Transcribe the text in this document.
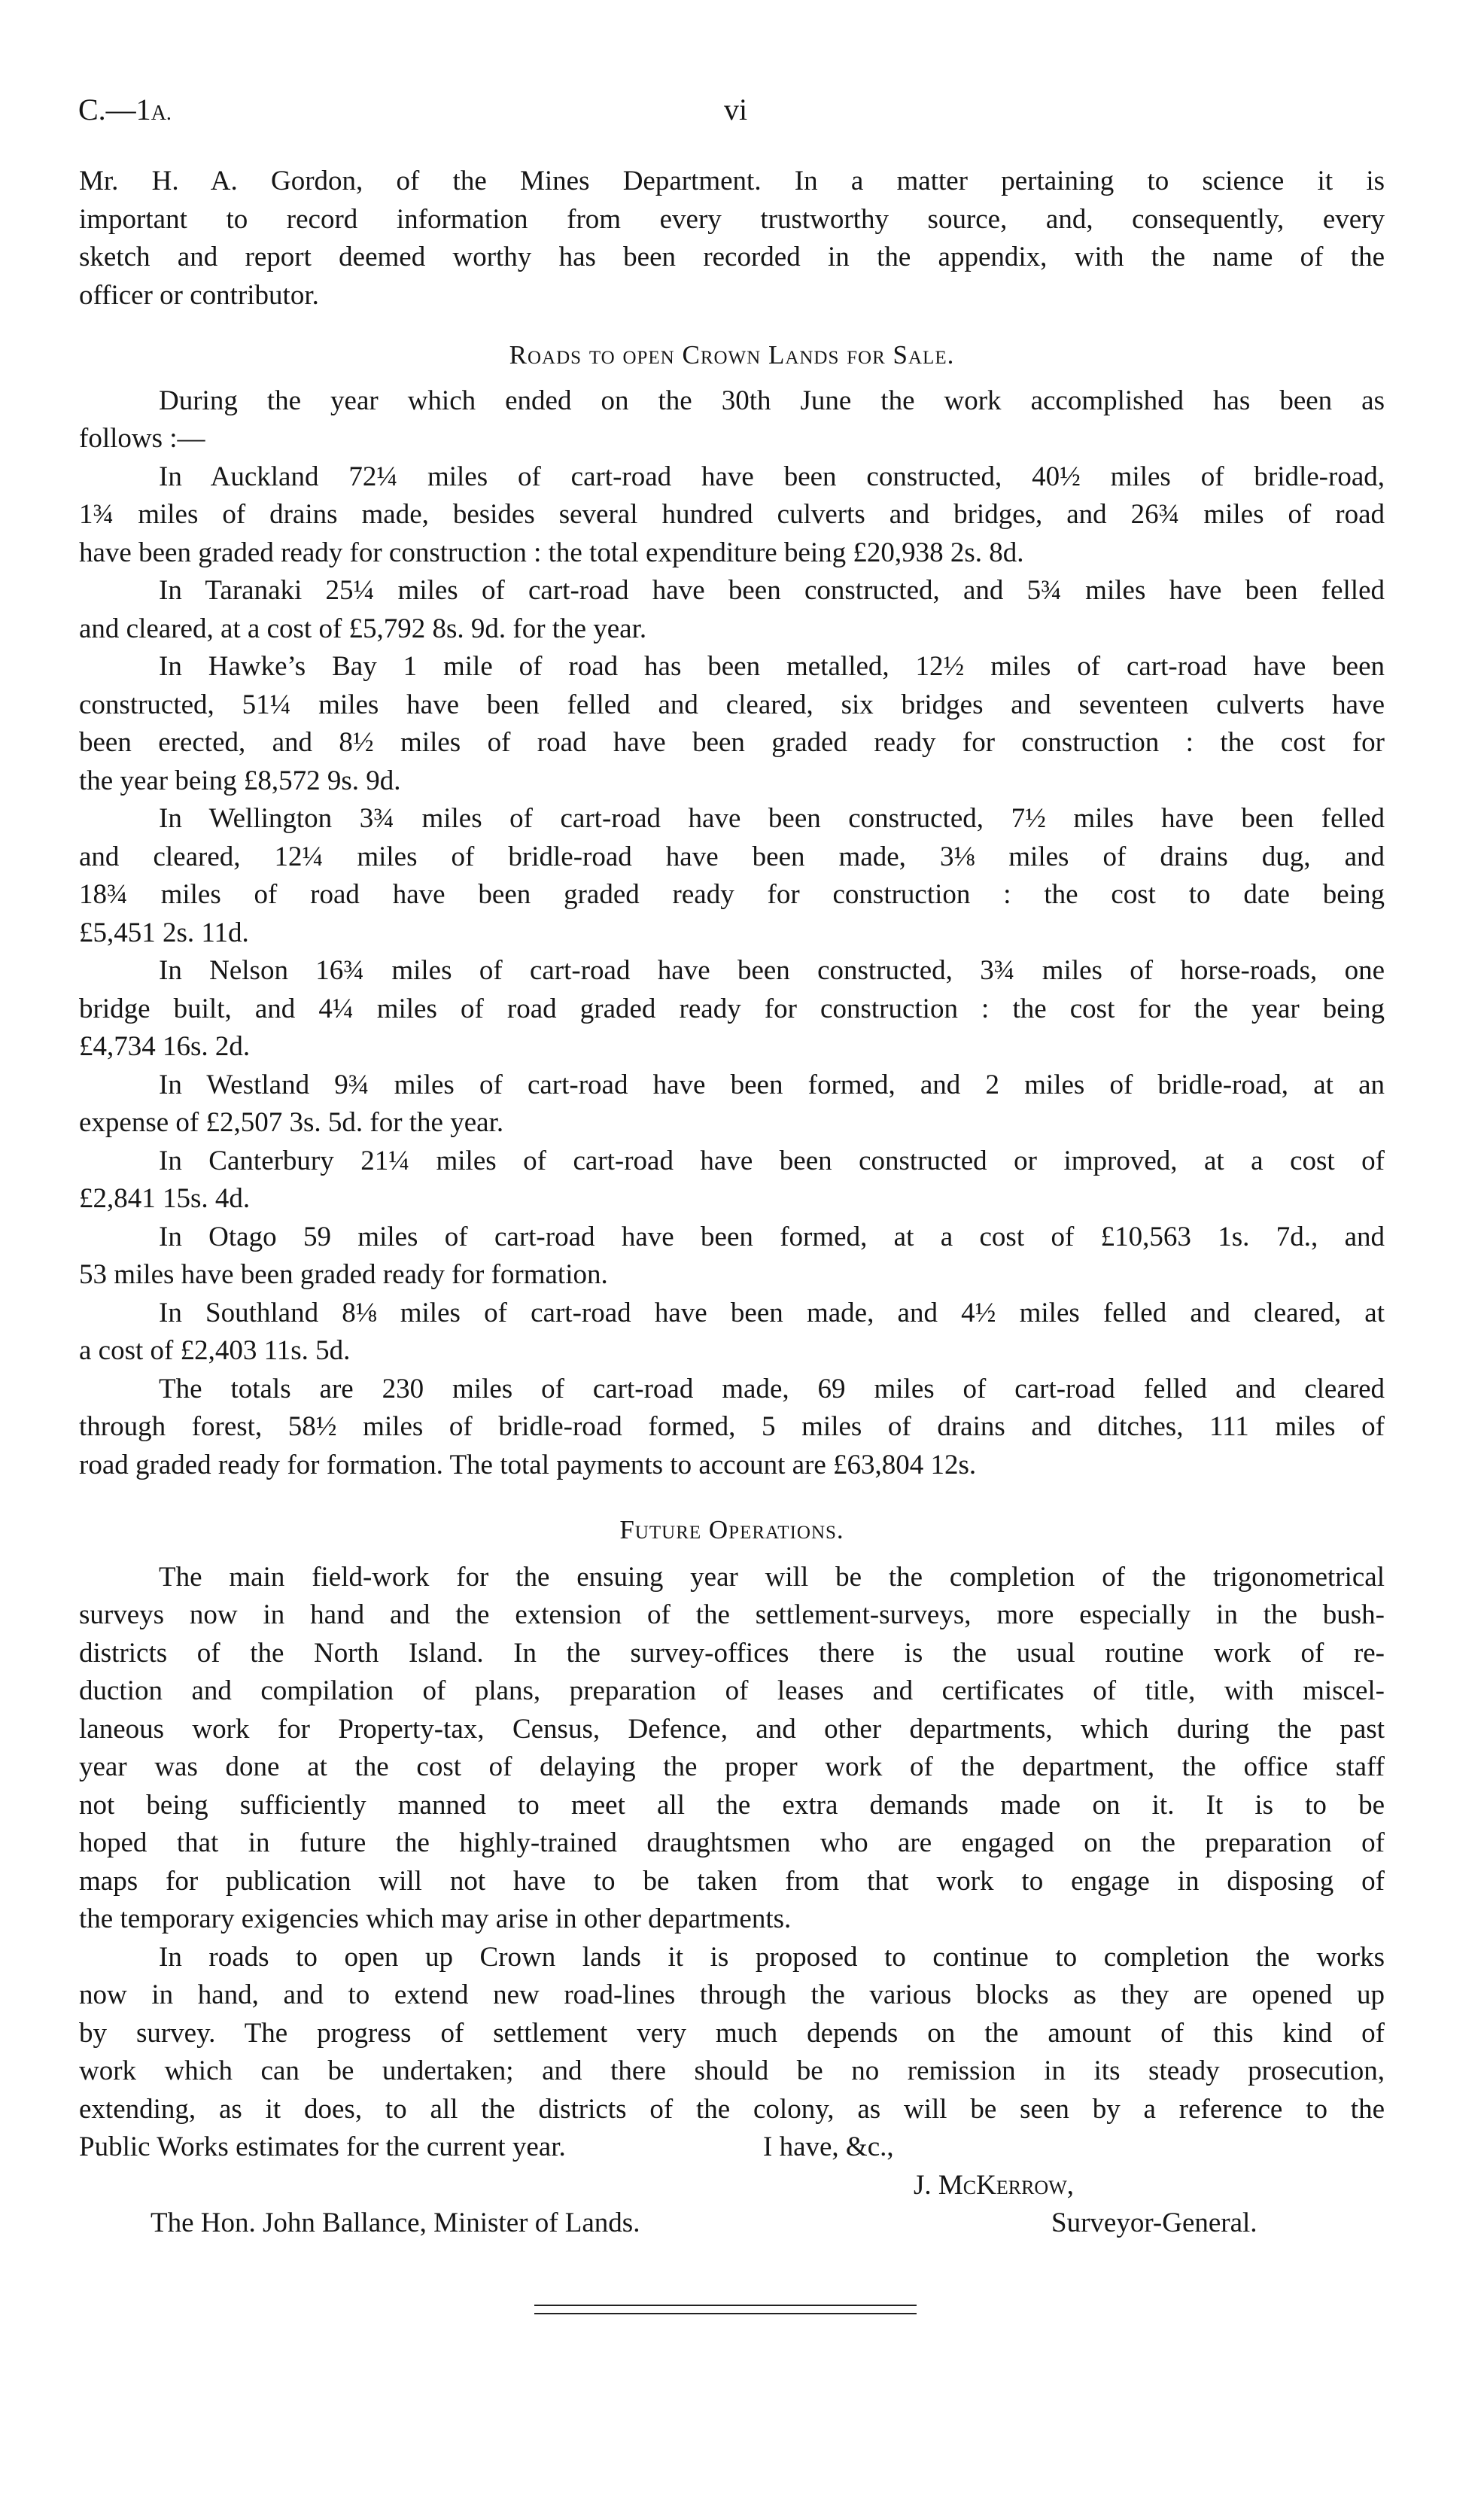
C.—1A.	vi
Mr. H. A. Gordon, of the Mines Department. In a matter pertaining to science it is
important to record information from every trustworthy source, and, consequently, every
sketch and report deemed worthy has been recorded in the appendix, with the name of the
officer or contributor.
Roads to open Crown Lands for Sale.
During the year which ended on the 30th June the work accomplished has been as
follows :—
In Auckland 72¼ miles of cart-road have been constructed, 40½ miles of bridle-road,
1¾ miles of drains made, besides several hundred culverts and bridges, and 26¾ miles of road
have been graded ready for construction : the total expenditure being £20,938 2s. 8d.
In Taranaki 25¼ miles of cart-road have been constructed, and 5¾ miles have been felled
and cleared, at a cost of £5,792 8s. 9d. for the year.
In Hawke’s Bay 1 mile of road has been metalled, 12½ miles of cart-road have been
constructed, 51¼ miles have been felled and cleared, six bridges and seventeen culverts have
been erected, and 8½ miles of road have been graded ready for construction : the cost for
the year being £8,572 9s. 9d.
In Wellington 3¾ miles of cart-road have been constructed, 7½ miles have been felled
and cleared, 12¼ miles of bridle-road have been made, 3⅛ miles of drains dug, and
18¾ miles of road have been graded ready for construction : the cost to date being
£5,451 2s. 11d.
In Nelson 16¾ miles of cart-road have been constructed, 3¾ miles of horse-roads, one
bridge built, and 4¼ miles of road graded ready for construction : the cost for the year being
£4,734 16s. 2d.
In Westland 9¾ miles of cart-road have been formed, and 2 miles of bridle-road, at an
expense of £2,507 3s. 5d. for the year.
In Canterbury 21¼ miles of cart-road have been constructed or improved, at a cost of
£2,841 15s. 4d.
In Otago 59 miles of cart-road have been formed, at a cost of £10,563 1s. 7d., and
53 miles have been graded ready for formation.
In Southland 8⅛ miles of cart-road have been made, and 4½ miles felled and cleared, at
a cost of £2,403 11s. 5d.
The totals are 230 miles of cart-road made, 69 miles of cart-road felled and cleared
through forest, 58½ miles of bridle-road formed, 5 miles of drains and ditches, 111 miles of
road graded ready for formation. The total payments to account are £63,804 12s.
Future Operations.
The main field-work for the ensuing year will be the completion of the trigonometrical
surveys now in hand and the extension of the settlement-surveys, more especially in the bush-
districts of the North Island. In the survey-offices there is the usual routine work of re-
duction and compilation of plans, preparation of leases and certificates of title, with miscel-
laneous work for Property-tax, Census, Defence, and other departments, which during the past
year was done at the cost of delaying the proper work of the department, the office staff
not being sufficiently manned to meet all the extra demands made on it. It is to be
hoped that in future the highly-trained draughtsmen who are engaged on the preparation of
maps for publication will not have to be taken from that work to engage in disposing of
the temporary exigencies which may arise in other departments.
In roads to open up Crown lands it is proposed to continue to completion the works
now in hand, and to extend new road-lines through the various blocks as they are opened up
by survey. The progress of settlement very much depends on the amount of this kind of
work which can be undertaken; and there should be no remission in its steady prosecution,
extending, as it does, to all the districts of the colony, as will be seen by a reference to the
Public Works estimates for the current year.	I have, &c.,
J. McKerrow,
The Hon. John Ballance, Minister of Lands.	Surveyor-General.
